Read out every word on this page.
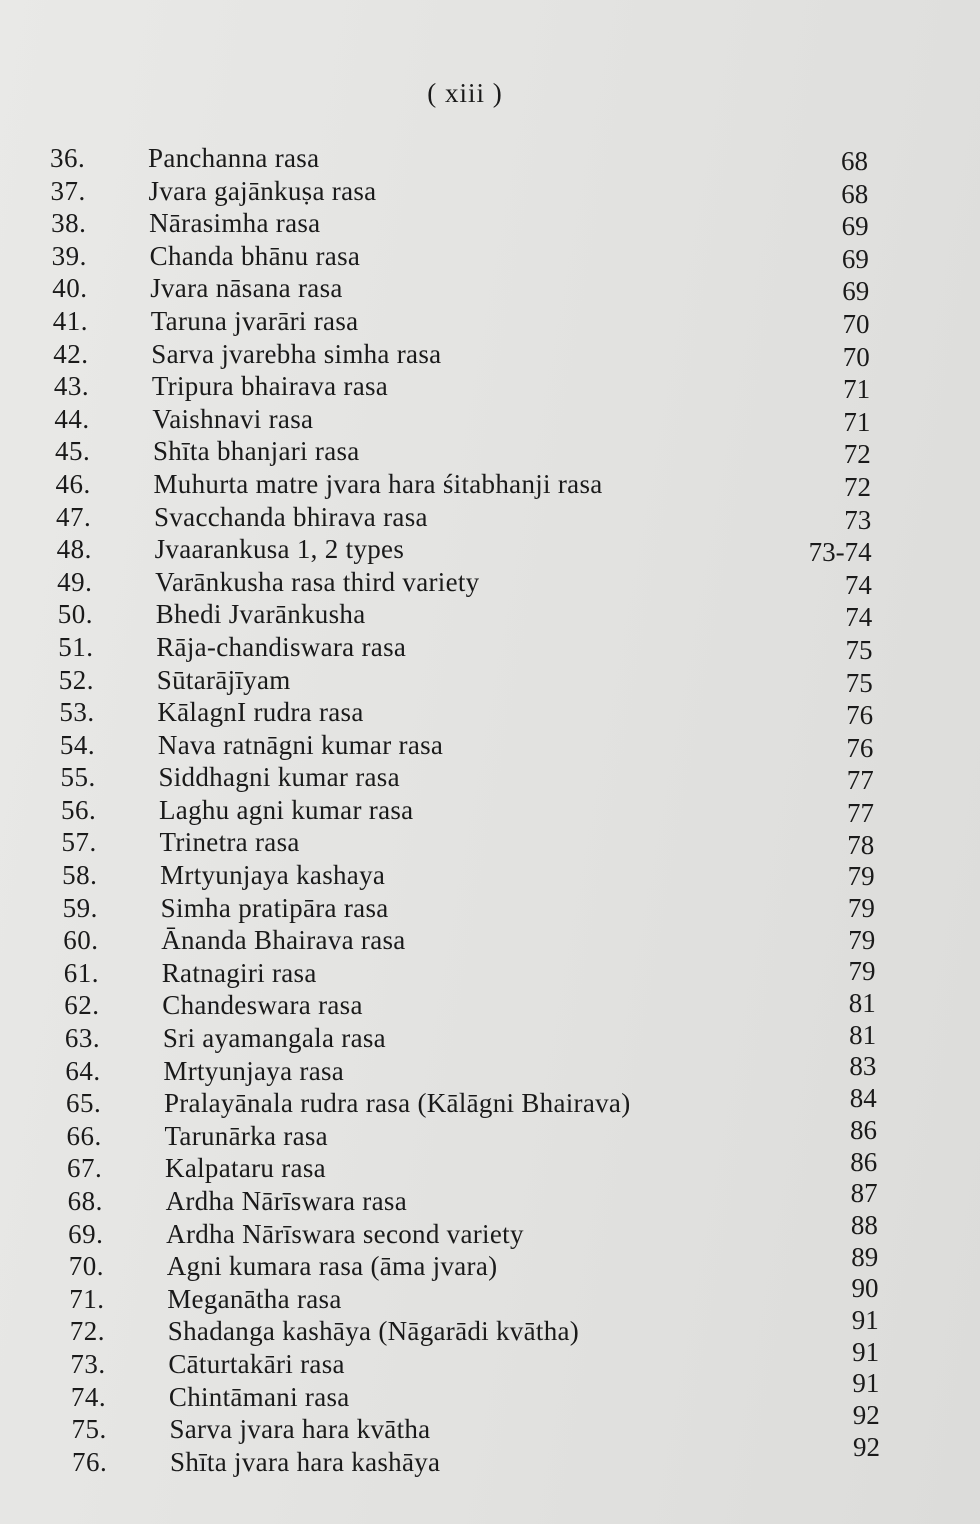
( xiii )
36. Panchanna rasa	68
37. Jvara gajānkuṣa rasa	68
38. Nārasimha rasa	69
39. Chanda bhānu rasa	69
40. Jvara nāsana rasa	69
41. Taruna jvarāri rasa	70
42. Sarva jvarebha simha rasa	70
43. Tripura bhairava rasa	71
44. Vaishnavi rasa	71
45. Shīta bhanjari rasa	72
46. Muhurta matre jvara hara śitabhanji rasa	72
47. Svacchanda bhirava rasa	73
48. Jvaarankusa 1, 2 types	73-74
49. Varānkusha rasa third variety	74
50. Bhedi Jvarānkusha	74
51. Rāja-chandiswara rasa	75
52. Sūtarājīyam	75
53. KālagnI rudra rasa	76
54. Nava ratnāgni kumar rasa	76
55. Siddhagni kumar rasa	77
56. Laghu agni kumar rasa	77
57. Trinetra rasa	78
58. Mrtyunjaya kashaya	79
59. Simha pratipāra rasa	79
60. Ānanda Bhairava rasa	79
61. Ratnagiri rasa	79
62. Chandeswara rasa	81
63. Sri ayamangala rasa	81
64. Mrtyunjaya rasa	83
65. Pralayānala rudra rasa (Kālāgni Bhairava)	84
66. Tarunārka rasa	86
67. Kalpataru rasa	86
68. Ardha Nārīswara rasa	87
69. Ardha Nārīswara second variety	88
70. Agni kumara rasa (āma jvara)	89
71. Meganātha rasa	90
72. Shadanga kashāya (Nāgarādi kvātha)	91
73. Cāturtakāri rasa	91
74. Chintāmani rasa	91
75. Sarva jvara hara kvātha	92
76. Shīta jvara hara kashāya	92
